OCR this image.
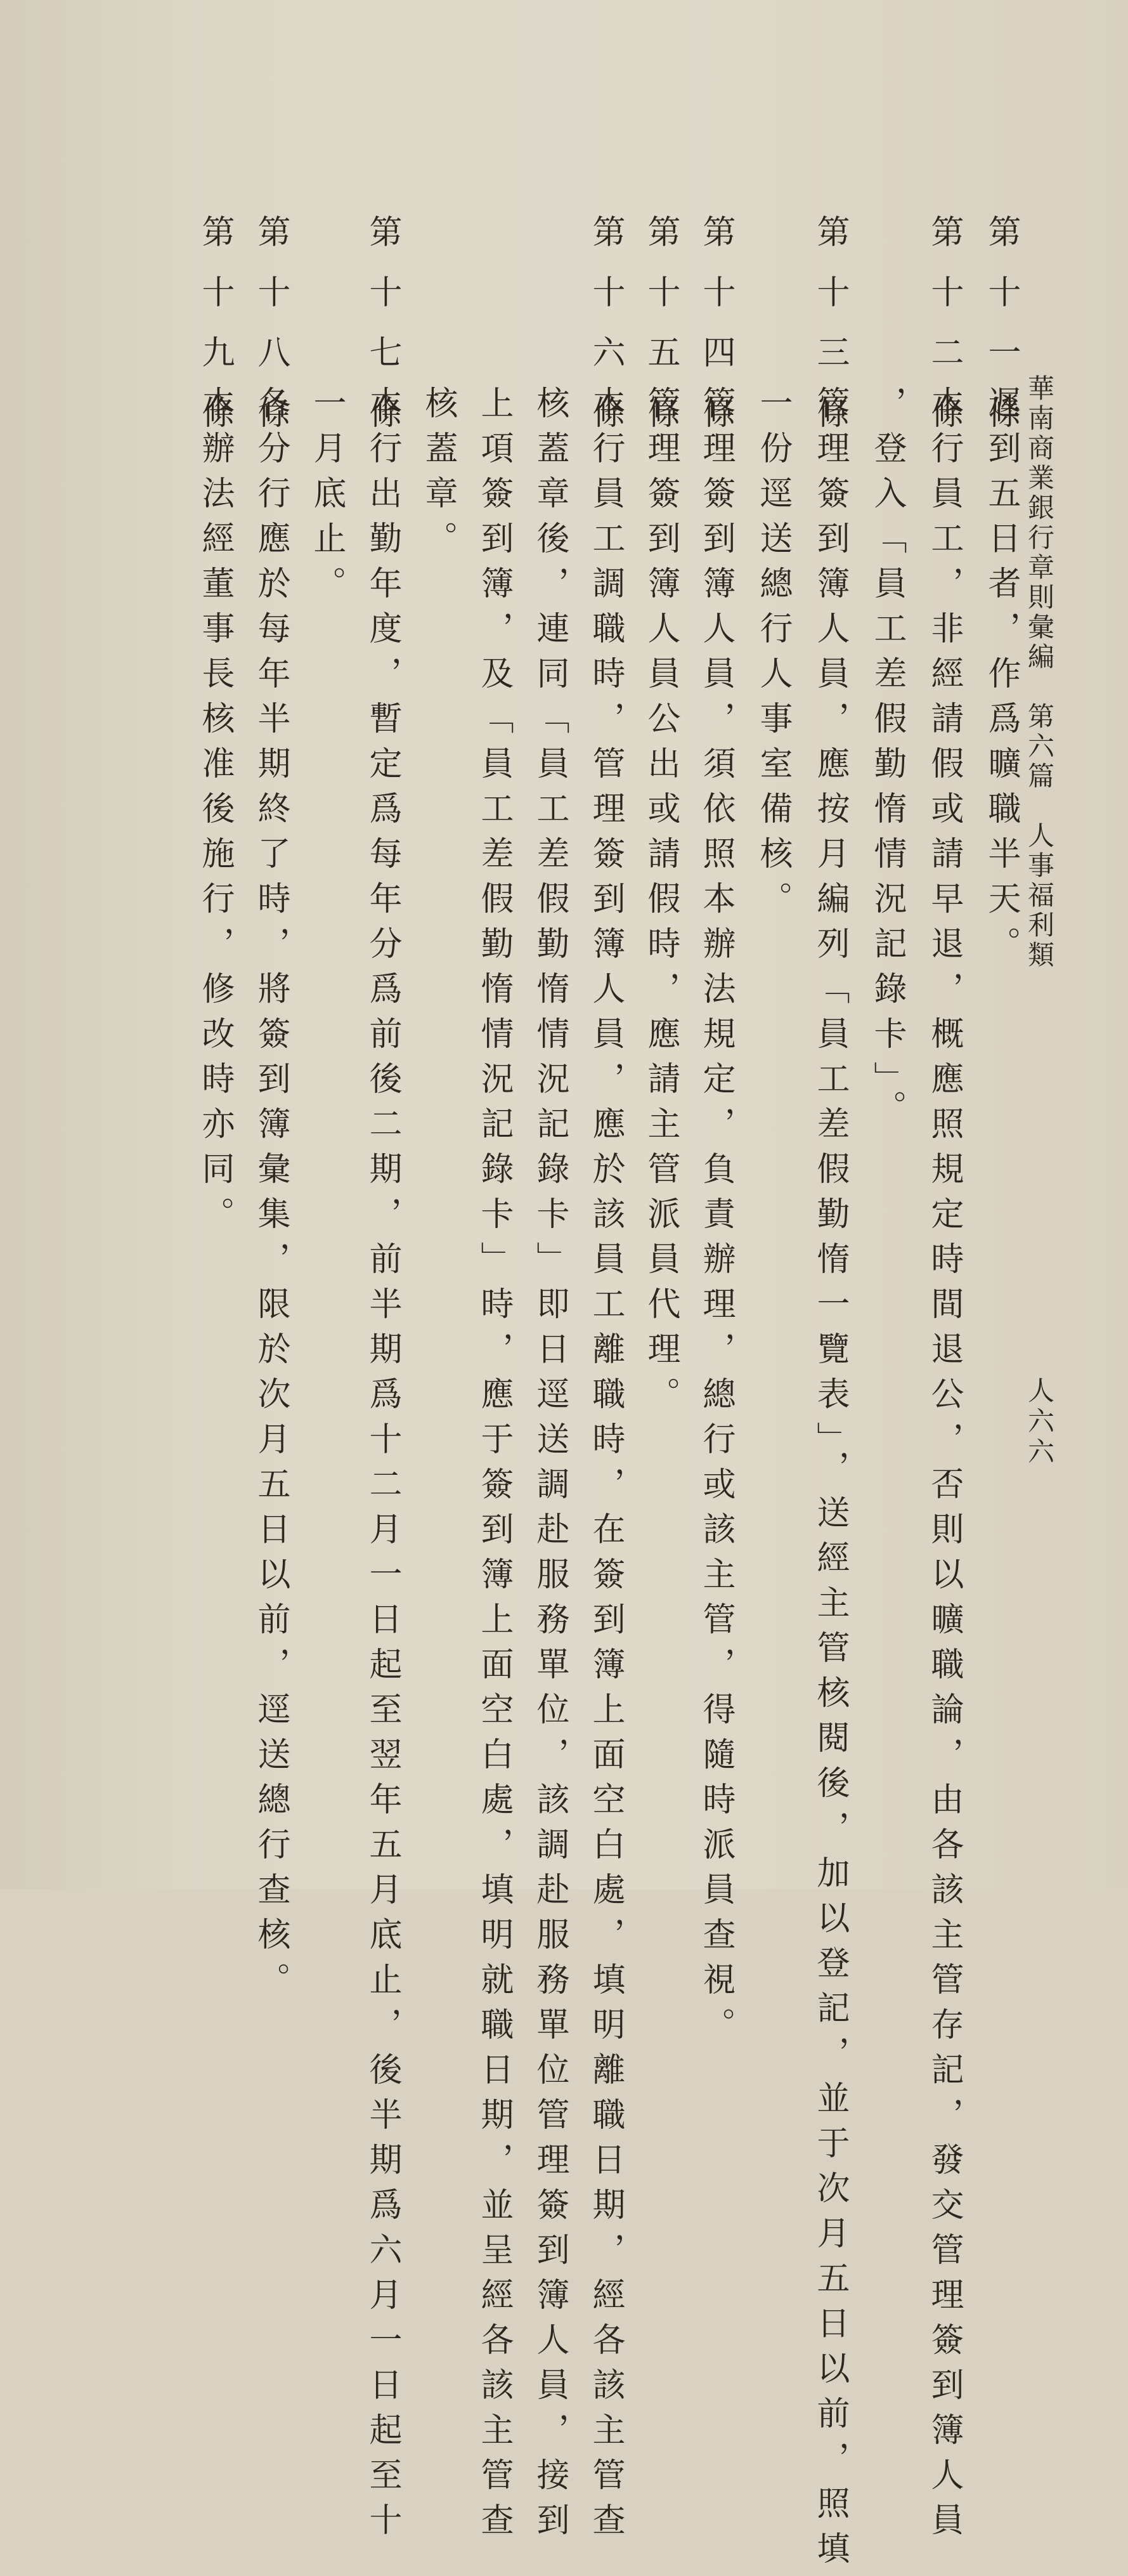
華南商業銀行章則彙編　第六篇　人事福利類
人六六
第十一條
遲到五日者，作爲曠職半天。
第十二條
本行員工，非經請假或請早退，概應照規定時間退公，否則以曠職論，由各該主管存記，發交管理簽到簿人員
，登入「員工差假勤惰情況記錄卡」。
第十三條
管理簽到簿人員，應按月編列「員工差假勤惰一覽表」，送經主管核閱後，加以登記，並于次月五日以前，照填
一份逕送總行人事室備核。
第十四條
管理簽到簿人員，須依照本辦法規定，負責辦理，總行或該主管，得隨時派員查視。
第十五條
管理簽到簿人員公出或請假時，應請主管派員代理。
第十六條
本行員工調職時，管理簽到簿人員，應於該員工離職時，在簽到簿上面空白處，填明離職日期，經各該主管查
核蓋章後，連同「員工差假勤惰情況記錄卡」即日逕送調赴服務單位，該調赴服務單位管理簽到簿人員，接到
上項簽到簿，及「員工差假勤惰情況記錄卡」時，應于簽到簿上面空白處，填明就職日期，並呈經各該主管查
核蓋章。
第十七條
本行出勤年度，暫定爲每年分爲前後二期，前半期爲十二月一日起至翌年五月底止，後半期爲六月一日起至十
一月底止。
第十八條
各分行應於每年半期終了時，將簽到簿彙集，限於次月五日以前，逕送總行查核。
第十九條
本辦法經董事長核准後施行，修改時亦同。
